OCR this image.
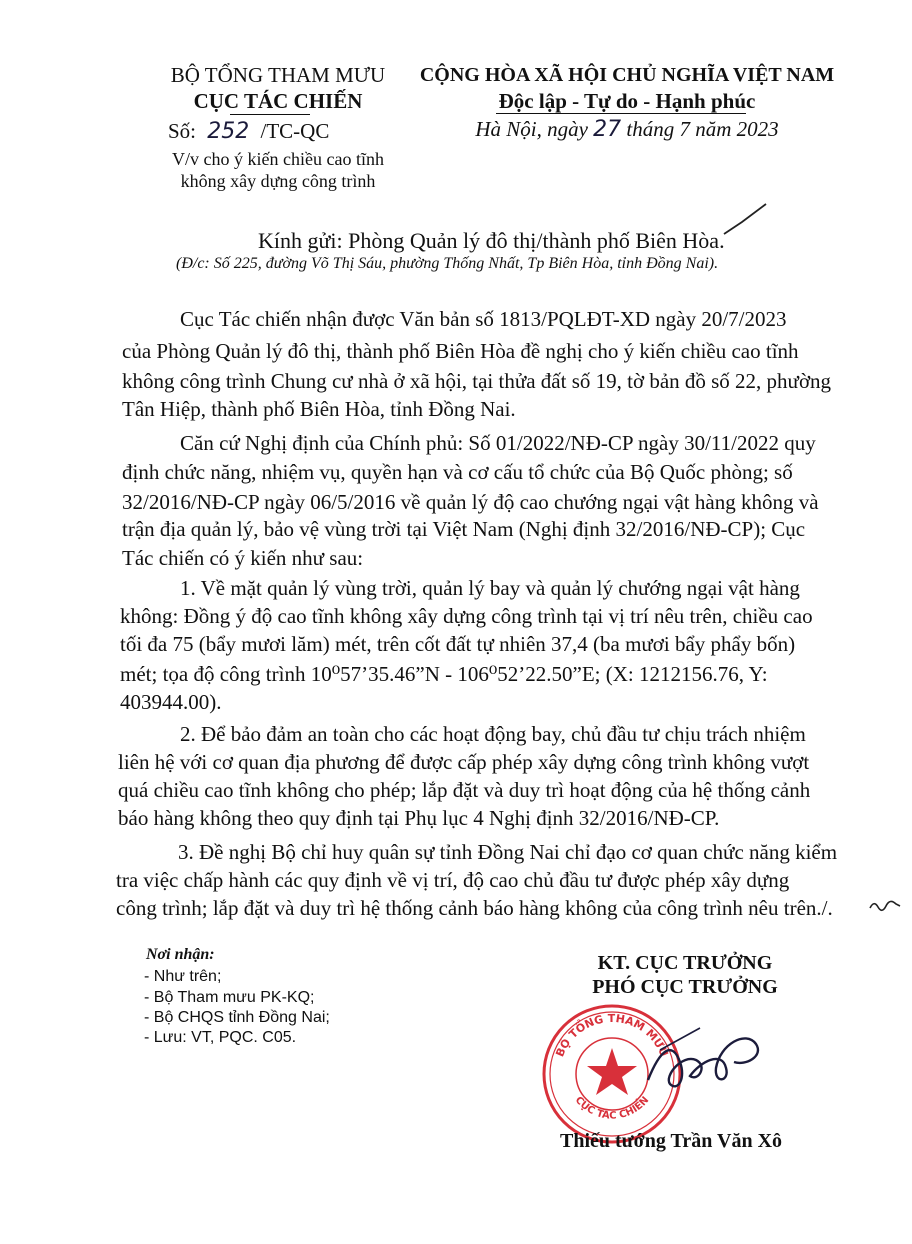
BỘ TỔNG THAM MƯU
CỤC TÁC CHIẾN
Số: 252 /TC-QC
V/v cho ý kiến chiều cao tĩnh
không xây dựng công trình
CỘNG HÒA XÃ HỘI CHỦ NGHĨA VIỆT NAM
Độc lập - Tự do - Hạnh phúc
Hà Nội, ngày 27 tháng 7 năm 2023
Kính gửi: Phòng Quản lý đô thị/thành phố Biên Hòa.
(Đ/c: Số 225, đường Võ Thị Sáu, phường Thống Nhất, Tp Biên Hòa, tỉnh Đồng Nai).
Cục Tác chiến nhận được Văn bản số 1813/PQLĐT-XD ngày 20/7/2023
của Phòng Quản lý đô thị, thành phố Biên Hòa đề nghị cho ý kiến chiều cao tĩnh
không công trình Chung cư nhà ở xã hội, tại thửa đất số 19, tờ bản đồ số 22, phường
Tân Hiệp, thành phố Biên Hòa, tỉnh Đồng Nai.
Căn cứ Nghị định của Chính phủ: Số 01/2022/NĐ-CP ngày 30/11/2022 quy
định chức năng, nhiệm vụ, quyền hạn và cơ cấu tổ chức của Bộ Quốc phòng; số
32/2016/NĐ-CP ngày 06/5/2016 về quản lý độ cao chướng ngại vật hàng không và
trận địa quản lý, bảo vệ vùng trời tại Việt Nam (Nghị định 32/2016/NĐ-CP); Cục
Tác chiến có ý kiến như sau:
1. Về mặt quản lý vùng trời, quản lý bay và quản lý chướng ngại vật hàng
không: Đồng ý độ cao tĩnh không xây dựng công trình tại vị trí nêu trên, chiều cao
tối đa 75 (bẩy mươi lăm) mét, trên cốt đất tự nhiên 37,4 (ba mươi bẩy phẩy bốn)
mét; tọa độ công trình 10⁰57’35.46”N - 106⁰52’22.50”E; (X: 1212156.76, Y:
403944.00).
2. Để bảo đảm an toàn cho các hoạt động bay, chủ đầu tư chịu trách nhiệm
liên hệ với cơ quan địa phương để được cấp phép xây dựng công trình không vượt
quá chiều cao tĩnh không cho phép; lắp đặt và duy trì hoạt động của hệ thống cảnh
báo hàng không theo quy định tại Phụ lục 4 Nghị định 32/2016/NĐ-CP.
3. Đề nghị Bộ chỉ huy quân sự tỉnh Đồng Nai chỉ đạo cơ quan chức năng kiểm
tra việc chấp hành các quy định về vị trí, độ cao chủ đầu tư được phép xây dựng
công trình; lắp đặt và duy trì hệ thống cảnh báo hàng không của công trình nêu trên./.
Nơi nhận:
- Như trên;
- Bộ Tham mưu PK-KQ;
- Bộ CHQS tỉnh Đồng Nai;
- Lưu: VT, PQC. C05.
KT. CỤC TRƯỞNG
PHÓ CỤC TRƯỞNG
BỘ TỔNG THAM MƯU
CỤC TÁC CHIẾN
Thiếu tướng Trần Văn Xô
